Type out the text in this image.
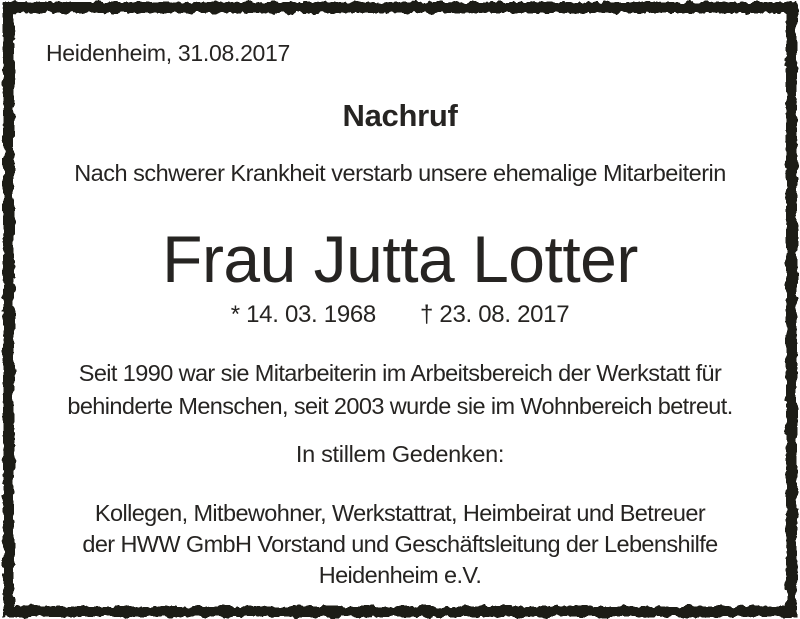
Heidenheim, 31.08.2017
Nachruf

Nach schwerer Krankheit verstarb unsere ehemalige Mitarbeiterin

Frau Jutta Lotter
* 14. 03. 1968 † 23. 08. 2017

Seit 1990 war sie Mitarbeiterin im Arbeitsbereich der Werkstatt für
behinderte Menschen, seit 2003 wurde sie im Wohnbereich betreut.

In stillem Gedenken:

Kollegen, Mitbewohner, Werkstattrat, Heimbeirat und Betreuer
der HWW GmbH Vorstand und Geschäftsleitung der Lebenshilfe
Heidenheim e.V.
